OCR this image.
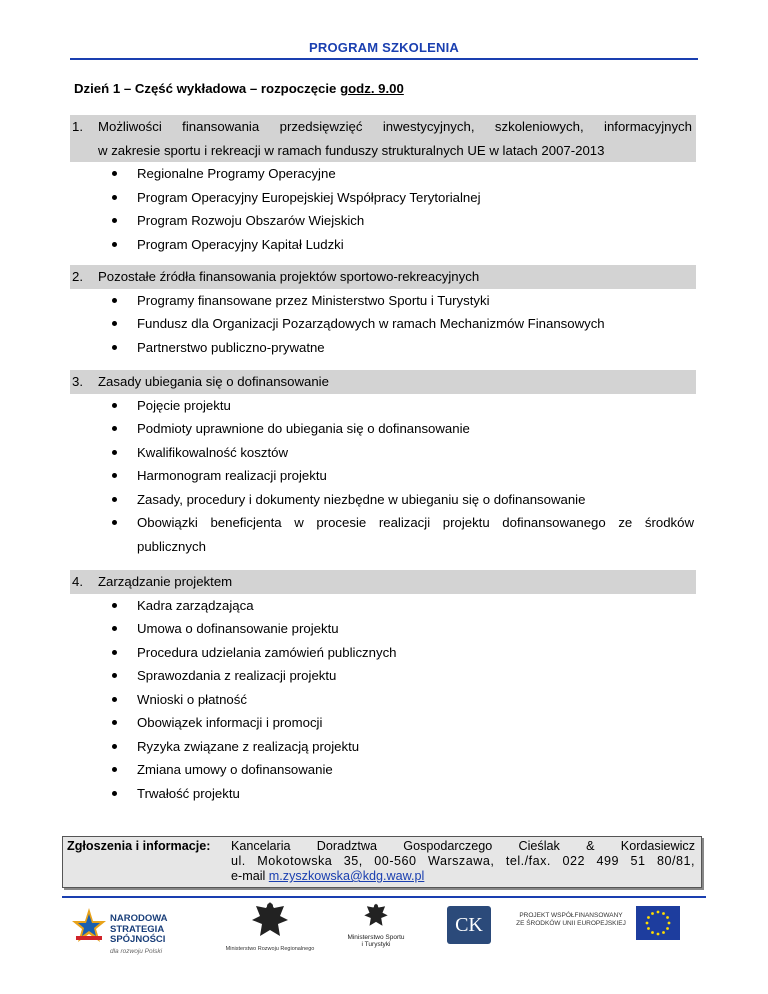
PROGRAM SZKOLENIA
Dzień 1 – Część wykładowa – rozpoczęcie godz. 9.00
1. Możliwości finansowania przedsięwzięć inwestycyjnych, szkoleniowych, informacyjnych
w zakresie sportu i rekreacji w ramach funduszy strukturalnych UE w latach 2007-2013
Regionalne Programy Operacyjne
Program Operacyjny Europejskiej Współpracy Terytorialnej
Program Rozwoju Obszarów Wiejskich
Program Operacyjny Kapitał Ludzki
2. Pozostałe źródła finansowania projektów sportowo-rekreacyjnych
Programy finansowane przez Ministerstwo Sportu i Turystyki
Fundusz dla Organizacji Pozarządowych w ramach Mechanizmów Finansowych
Partnerstwo publiczno-prywatne
3. Zasady ubiegania się o dofinansowanie
Pojęcie projektu
Podmioty uprawnione do ubiegania się o dofinansowanie
Kwalifikowalność kosztów
Harmonogram realizacji projektu
Zasady, procedury i dokumenty niezbędne w ubieganiu się o dofinansowanie
Obowiązki beneficjenta w procesie realizacji projektu dofinansowanego ze środków
publicznych
4. Zarządzanie projektem
Kadra zarządzająca
Umowa o dofinansowanie projektu
Procedura udzielania zamówień publicznych
Sprawozdania z realizacji projektu
Wnioski o płatność
Obowiązek informacji i promocji
Ryzyka związane z realizacją projektu
Zmiana umowy o dofinansowanie
Trwałość projektu
Zgłoszenia i informacje: Kancelaria Doradztwa Gospodarczego Cieślak & Kordasiewicz
ul. Mokotowska 35, 00-560 Warszawa, tel./fax. 022 499 51 80/81,
e-mail m.zyszkowska@kdg.waw.pl
NARODOWA
STRATEGIA SPÓJNOŚCI
dla rozwoju Polski	Ministerstwo Rozwoju Regionalnego
Ministerstwo Sportu
i Turystyki
CK	PROJEKT WSPÓŁFINANSOWANY
ZE ŚRODKÓW UNII EUROPEJSKIEJ
